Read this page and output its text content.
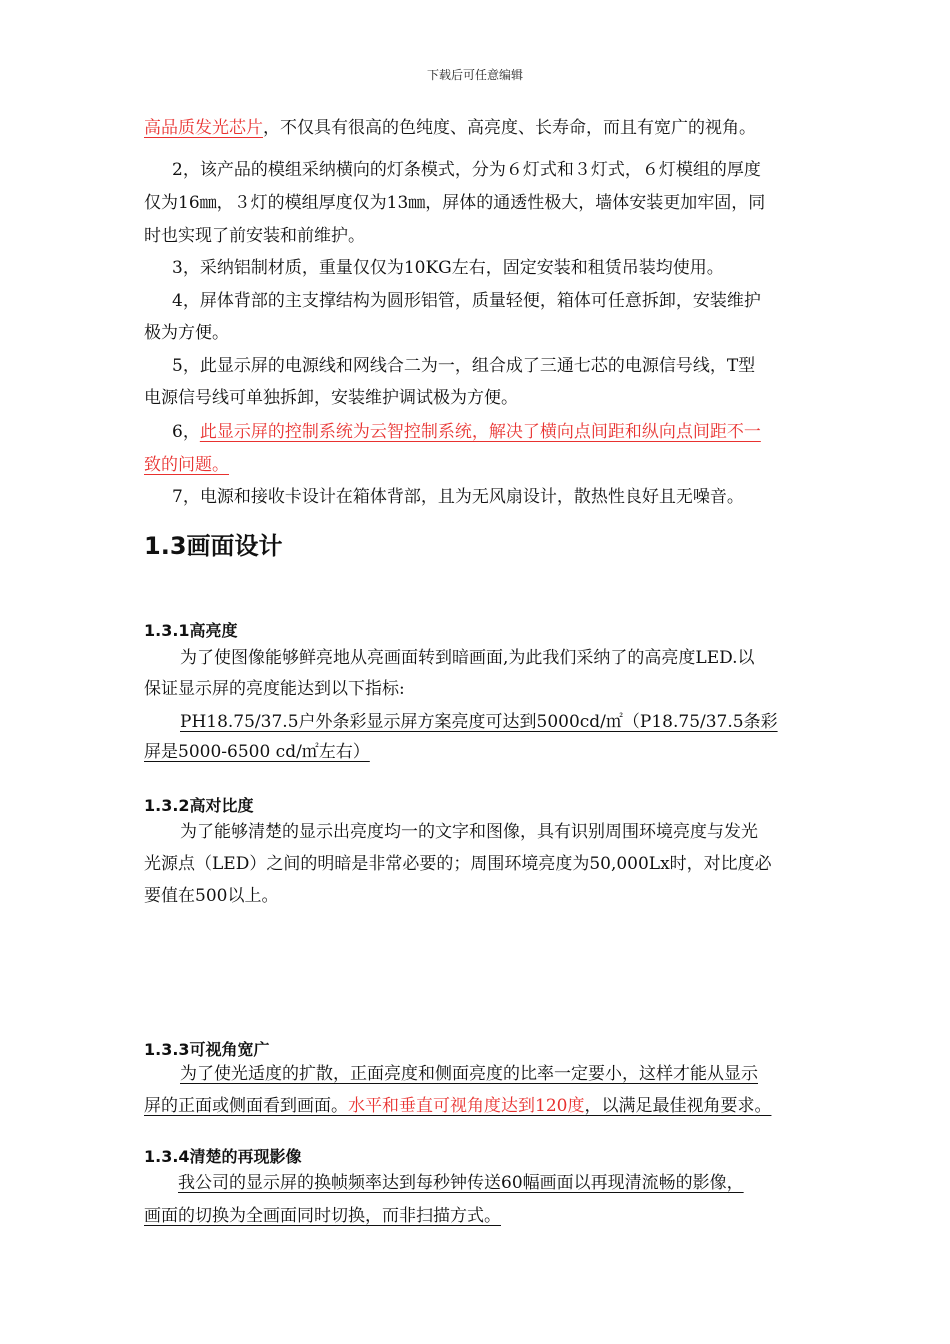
下载后可任意编辑
高品质发光芯片，不仅具有很高的色纯度、高亮度、长寿命，而且有宽广的视角。
2，该产品的模组采纳横向的灯条模式，分为６灯式和３灯式，６灯模组的厚度
仅为16㎜，３灯的模组厚度仅为13㎜，屏体的通透性极大，墙体安装更加牢固，同
时也实现了前安装和前维护。
3，采纳铝制材质，重量仅仅为10KG左右，固定安装和租赁吊装均使用。
4，屏体背部的主支撑结构为圆形铝管，质量轻便，箱体可任意拆卸，安装维护
极为方便。
5，此显示屏的电源线和网线合二为一，组合成了三通七芯的电源信号线，T型
电源信号线可单独拆卸，安装维护调试极为方便。
6，此显示屏的控制系统为云智控制系统，解决了横向点间距和纵向点间距不一
致的问题。
7，电源和接收卡设计在箱体背部，且为无风扇设计，散热性良好且无噪音。
1.3画面设计
1.3.1高亮度
为了使图像能够鲜亮地从亮画面转到暗画面,为此我们采纳了的高亮度LED.以
保证显示屏的亮度能达到以下指标:
PH18.75/37.5户外条彩显示屏方案亮度可达到5000cd/㎡（P18.75/37.5条彩
屏是5000-6500 cd/㎡左右）
1.3.2高对比度
为了能够清楚的显示出亮度均一的文字和图像，具有识别周围环境亮度与发光
光源点（LED）之间的明暗是非常必要的；周围环境亮度为50,000Lx时，对比度必
要值在500以上。
1.3.3可视角宽广
为了使光适度的扩散，正面亮度和侧面亮度的比率一定要小，这样才能从显示
屏的正面或侧面看到画面。水平和垂直可视角度达到120度，以满足最佳视角要求。
1.3.4清楚的再现影像
我公司的显示屏的换帧频率达到每秒钟传送60幅画面以再现清流畅的影像，
画面的切换为全画面同时切换，而非扫描方式。
